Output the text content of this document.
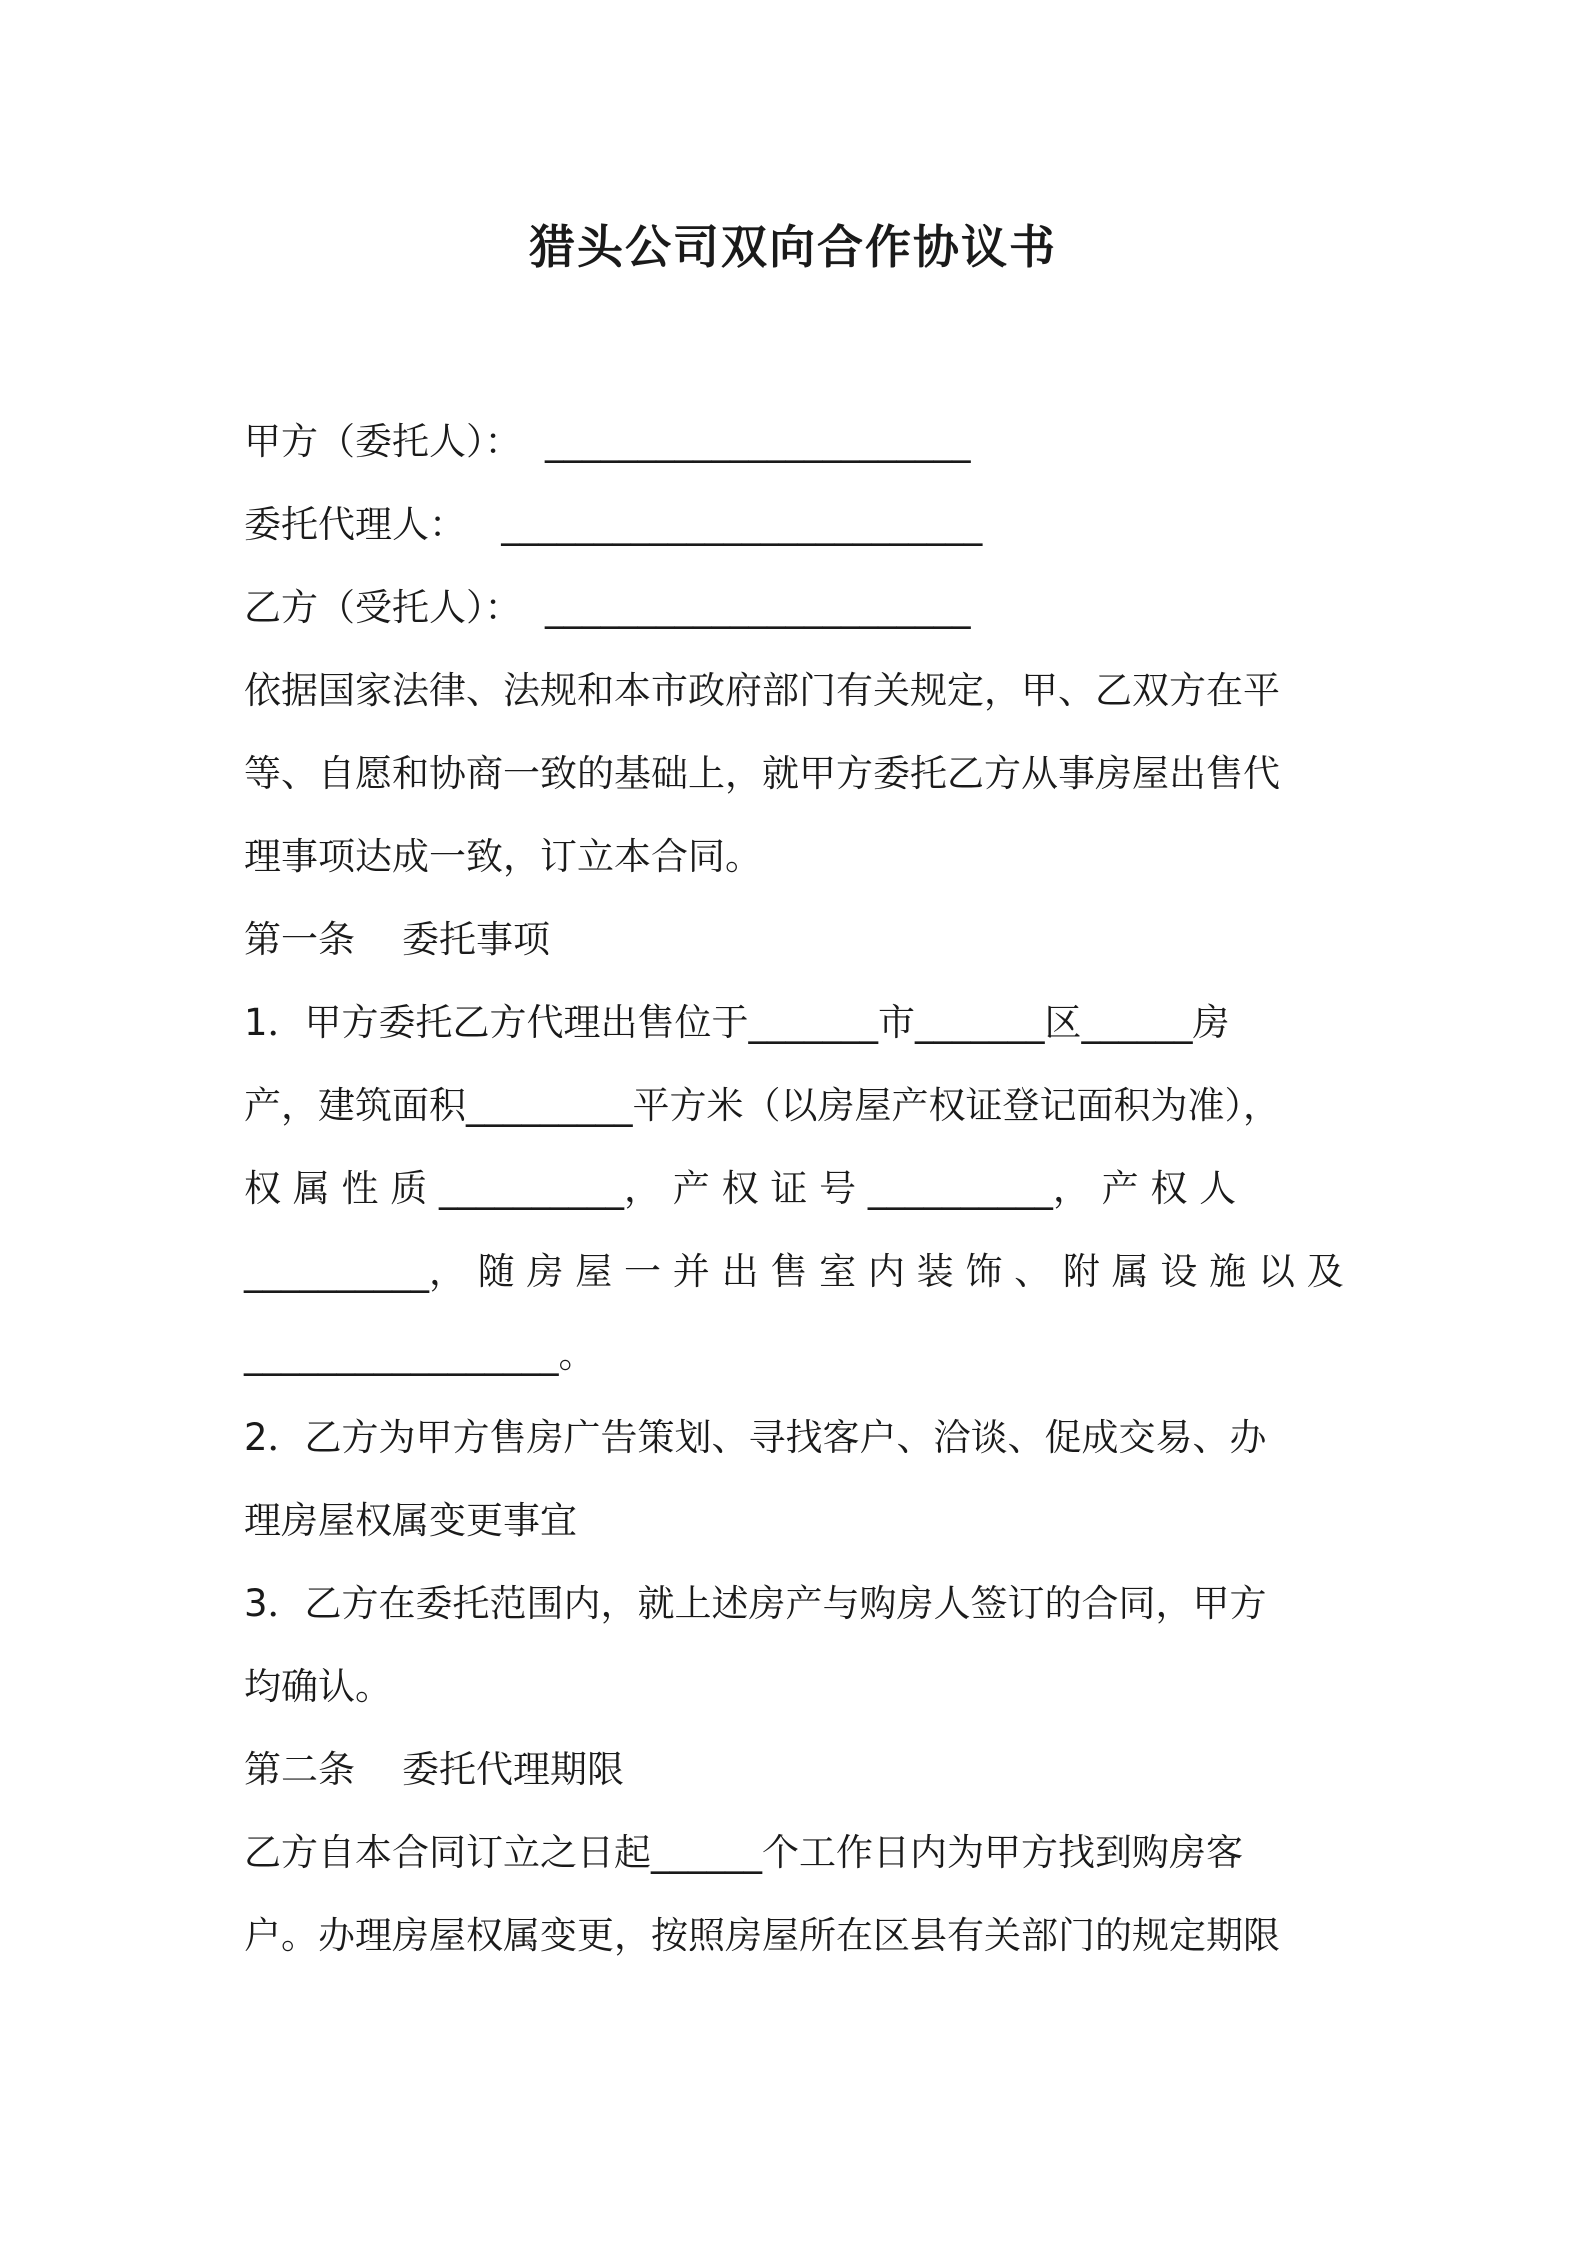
猎头公司双向合作协议书
甲方（委托人）：  _______________________
委托代理人：   __________________________
乙方（受托人）：  _______________________
依据国家法律、法规和本市政府部门有关规定，甲、乙双方在平
等、自愿和协商一致的基础上，就甲方委托乙方从事房屋出售代
理事项达成一致，订立本合同。
第一条    委托事项
1．甲方委托乙方代理出售位于_______市_______区______房
产，建筑面积_________平方米（以房屋产权证登记面积为准），
权 属 性 质 __________， 产 权 证 号 __________， 产 权 人
__________， 随 房 屋 一 并 出 售 室 内 装 饰 、 附 属 设 施 以 及
_________________。
2．乙方为甲方售房广告策划、寻找客户、洽谈、促成交易、办
理房屋权属变更事宜
3．乙方在委托范围内，就上述房产与购房人签订的合同，甲方
均确认。
第二条    委托代理期限
乙方自本合同订立之日起______个工作日内为甲方找到购房客
户。办理房屋权属变更，按照房屋所在区县有关部门的规定期限
